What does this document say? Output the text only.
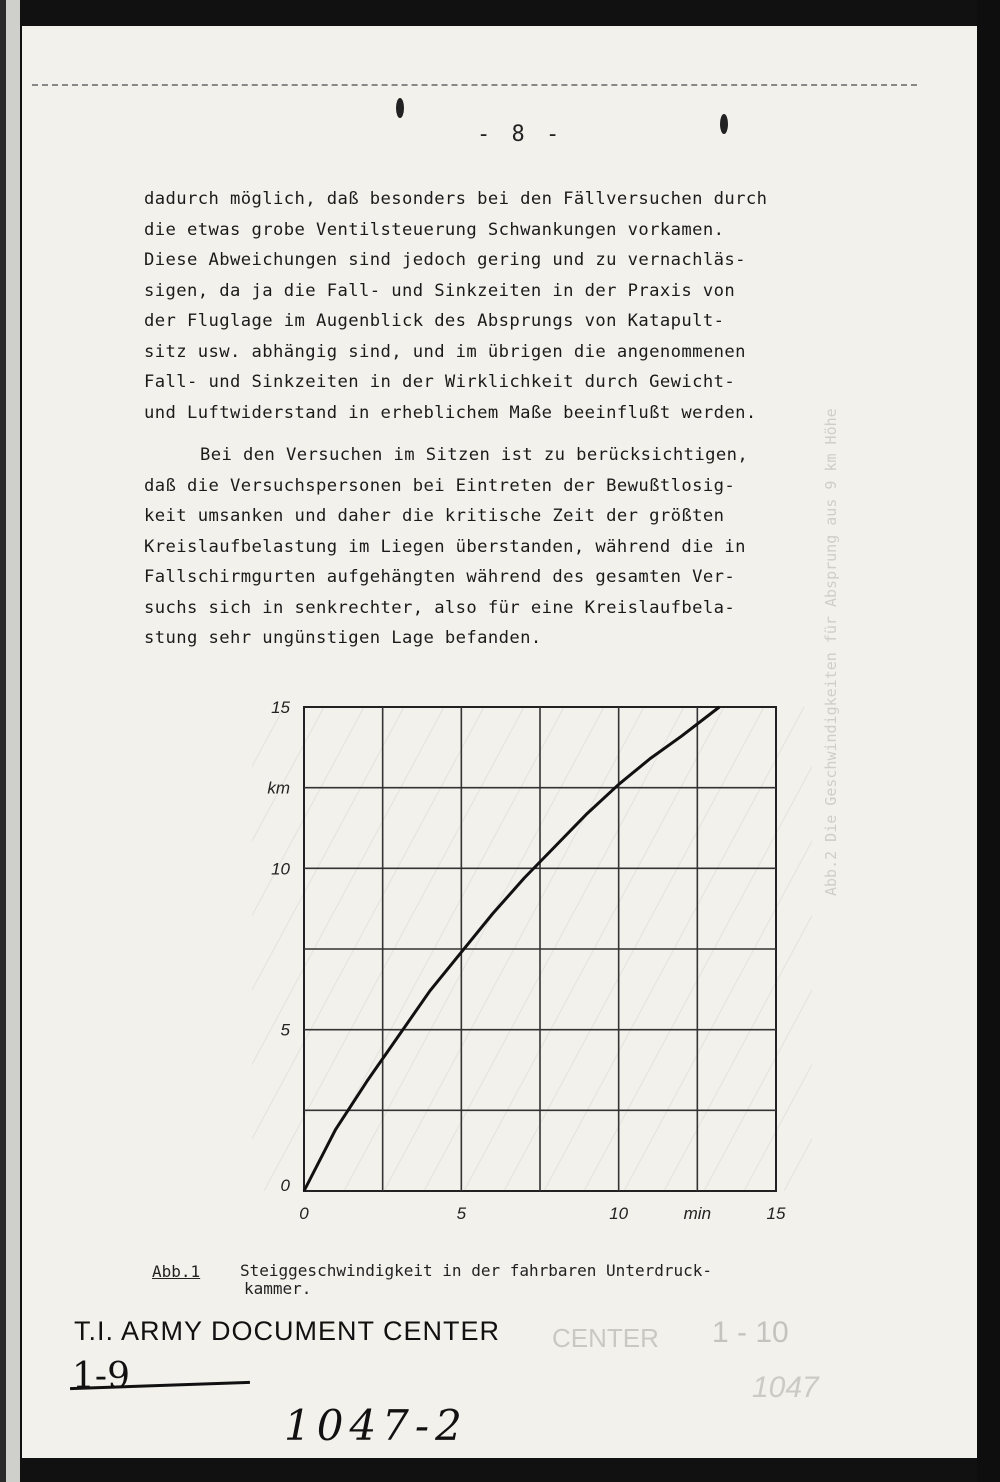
- 8 -

dadurch möglich, daß besonders bei den Fällversuchen durch
die etwas grobe Ventilsteuerung Schwankungen vorkamen.
Diese Abweichungen sind jedoch gering und zu vernachläs-
sigen, da ja die Fall- und Sinkzeiten in der Praxis von
der Fluglage im Augenblick des Absprungs von Katapult-
sitz usw. abhängig sind, und im übrigen die angenommenen
Fall- und Sinkzeiten in der Wirklichkeit durch Gewicht-
und Luftwiderstand in erheblichem Maße beeinflußt werden.

Bei den Versuchen im Sitzen ist zu berücksichtigen,
daß die Versuchspersonen bei Eintreten der Bewußtlosig-
keit umsanken und daher die kritische Zeit der größten
Kreislaufbelastung im Liegen überstanden, während die in
Fallschirmgurten aufgehängten während des gesamten Ver-
suchs sich in senkrechter, also für eine Kreislaufbela-
stung sehr ungünstigen Lage befanden.	Abb.2 Die Geschwindigkeiten für Absprung aus 9 km Höhe
0	5	10	min	15
0
5
10
km
15
Abb.1 Steiggeschwindigkeit in der fahrbaren Unterdruck-
kammer.
CENTER 1 - 10
1047
T.I. ARMY DOCUMENT CENTER
1-9
1047-2
